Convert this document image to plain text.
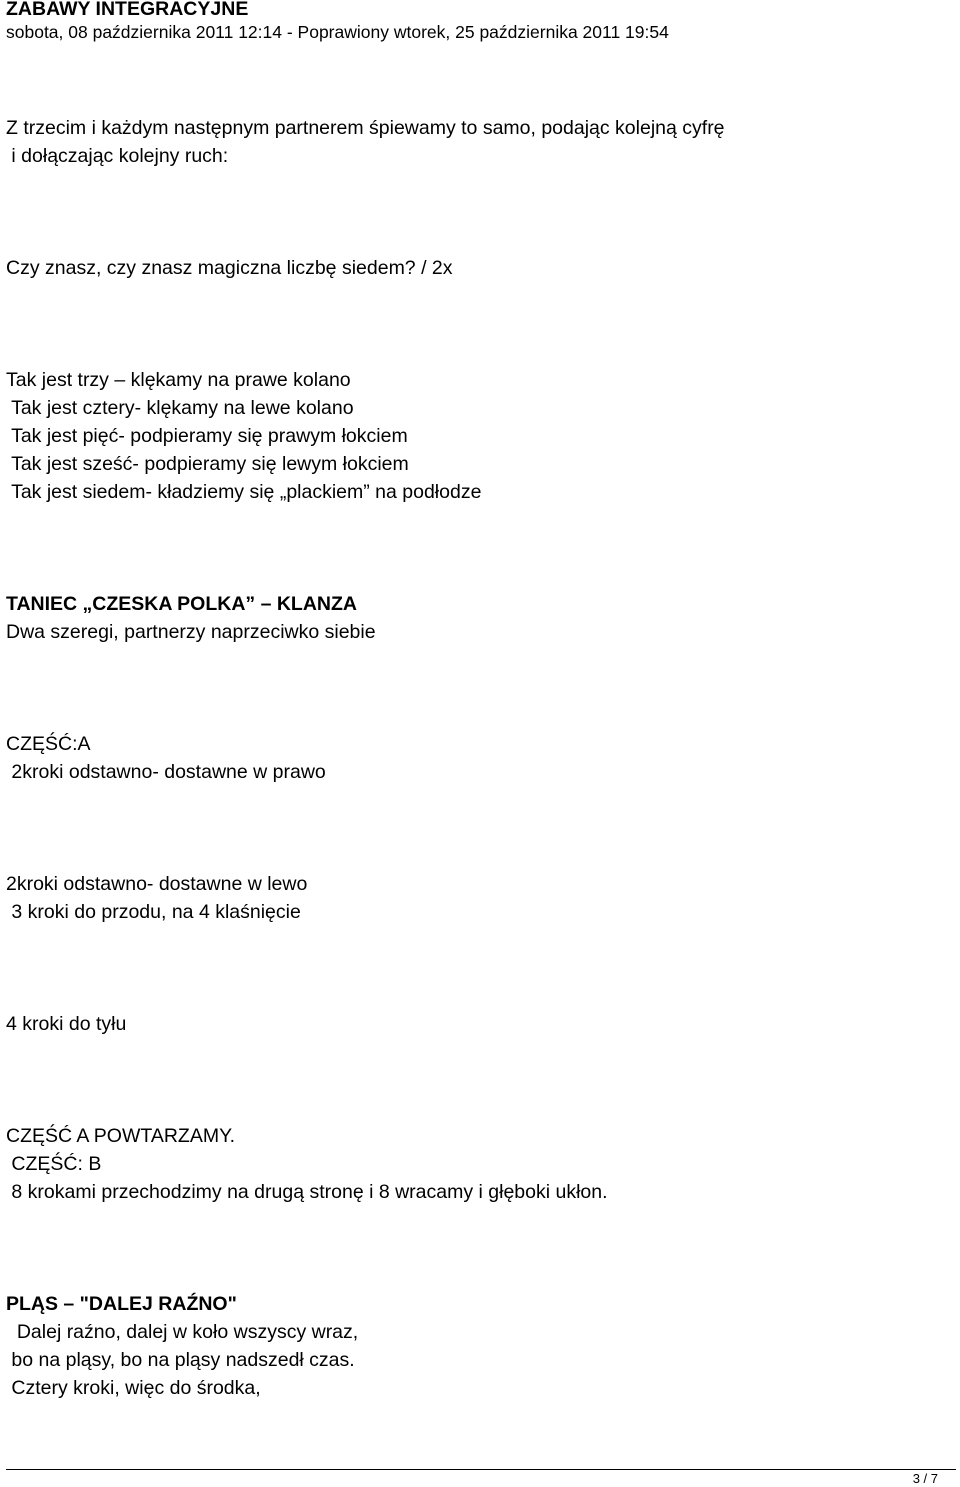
ZABAWY INTEGRACYJNE
sobota, 08 października 2011 12:14 - Poprawiony wtorek, 25 października 2011 19:54
Z trzecim i każdym następnym partnerem śpiewamy to samo, podając kolejną cyfrę
i dołączając kolejny ruch:
Czy znasz, czy znasz magiczna liczbę siedem? / 2x
Tak jest trzy – klękamy na prawe kolano
Tak jest cztery- klękamy na lewe kolano
Tak jest pięć- podpieramy się prawym łokciem
Tak jest sześć- podpieramy się lewym łokciem
Tak jest siedem- kładziemy się „plackiem” na podłodze
TANIEC „CZESKA POLKA” – KLANZA
Dwa szeregi, partnerzy naprzeciwko siebie
CZĘŚĆ:A
2kroki odstawno- dostawne w prawo
2kroki odstawno- dostawne w lewo
3 kroki do przodu, na 4 klaśnięcie
4 kroki do tyłu
CZĘŚĆ A POWTARZAMY.
CZĘŚĆ: B
8 krokami przechodzimy na drugą stronę i 8 wracamy i głęboki ukłon.
PLĄS – "DALEJ RAŹNO"
Dalej raźno, dalej w koło wszyscy wraz,
bo na pląsy, bo na pląsy nadszedł czas.
Cztery kroki, więc do środka,
3 / 7
